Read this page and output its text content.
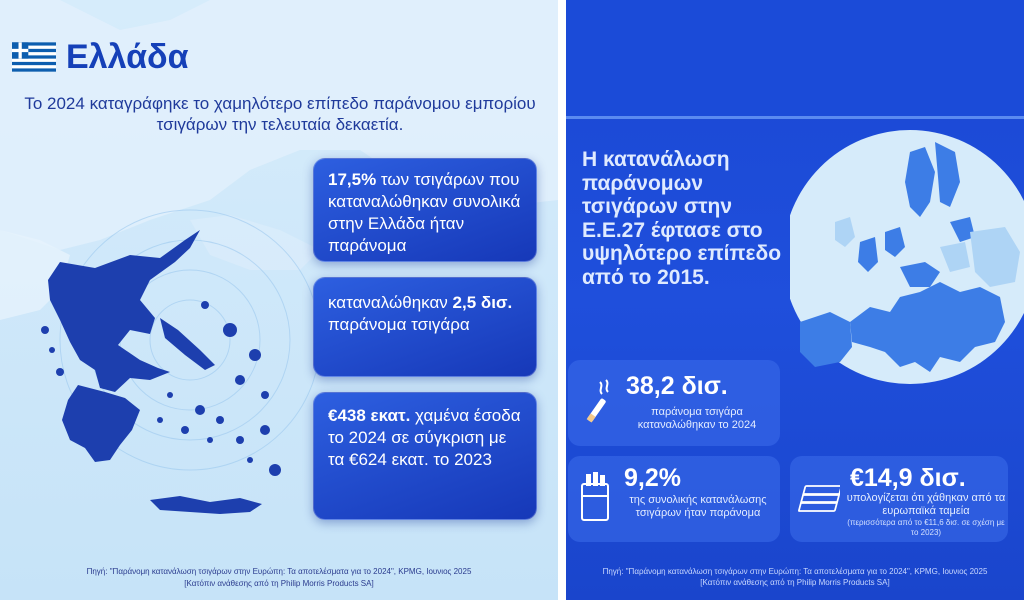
Ελλάδα
Το 2024 καταγράφηκε το χαμηλότερο επίπεδο παράνομου εμπορίου τσιγάρων την τελευταία δεκαετία.
17,5% των τσιγάρων που καταναλώθηκαν συνολικά στην Ελλάδα ήταν παράνομα
καταναλώθηκαν 2,5 δισ. παράνομα τσιγάρα
€438 εκατ. χαμένα έσοδα το 2024 σε σύγκριση με τα €624 εκατ. το 2023
Πηγή: "Παράνομη κατανάλωση τσιγάρων στην Ευρώπη: Τα αποτελέσματα για το 2024", KPMG, Ιουνιος 2025
[Κατόπιν ανάθεσης από τη Philip Morris Products SA]
Η κατανάλωση παράνομων τσιγάρων στην Ε.Ε.27 έφτασε στο υψηλότερο επίπεδο από το 2015.
38,2 δισ.
παράνομα τσιγάρα καταναλώθηκαν το 2024
9,2%
της συνολικής κατανάλωσης τσιγάρων ήταν παράνομα
€14,9 δισ.
υπολογίζεται ότι χάθηκαν από τα ευρωπαϊκά ταμεία
(περισσότερα από το €11,6 δισ. σε σχέση με το 2023)
Πηγή: "Παράνομη κατανάλωση τσιγάρων στην Ευρώπη: Τα αποτελέσματα για το 2024", KPMG, Ιουνιος 2025
[Κατόπιν ανάθεσης από τη Philip Morris Products SA]
